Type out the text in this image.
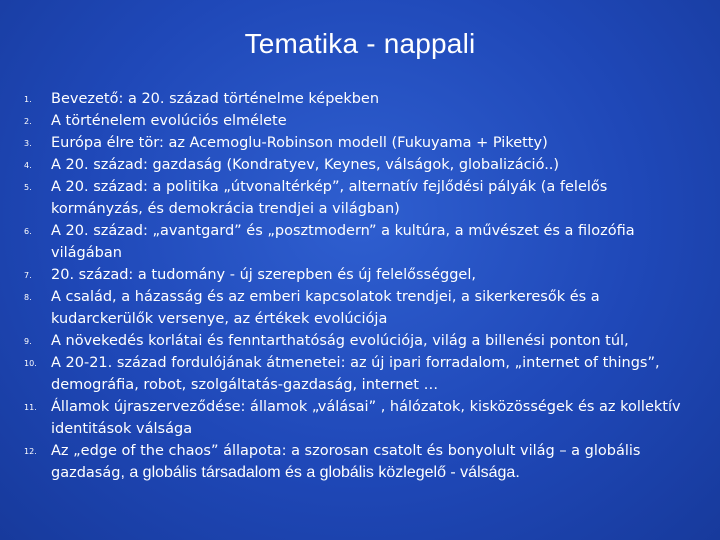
Tematika - nappali
1. Bevezető: a 20. század történelme képekben
2. A történelem evolúciós elmélete
3. Európa élre tör: az Acemoglu-Robinson modell (Fukuyama + Piketty)
4. A 20. század: gazdaság (Kondratyev, Keynes, válságok, globalizáció..)
5. A 20. század: a politika „útvonaltérkép”, alternatív fejlődési pályák (a felelős kormányzás, és demokrácia trendjei a világban)
6. A 20. század: „avantgard” és „posztmodern” a kultúra, a művészet és a filozófia világában
7. 20. század: a tudomány - új szerepben és új felelősséggel,
8. A család, a házasság és az emberi kapcsolatok trendjei, a sikerkeresők és a kudarckerülők versenye, az értékek evolúciója
9. A növekedés korlátai és fenntarthatóság evolúciója, világ a billenési ponton túl,
10. A 20-21. század fordulójának átmenetei: az új ipari forradalom, „internet of things”, demográfia, robot, szolgáltatás-gazdaság, internet …
11. Államok újraszerveződése: államok „válásai” , hálózatok, kisközösségek és az kollektív identitások válsága
12. Az „edge of the chaos” állapota: a szorosan csatolt és bonyolult világ – a globális gazdaság, a globális társadalom és a globális közlegelő - válsága.
